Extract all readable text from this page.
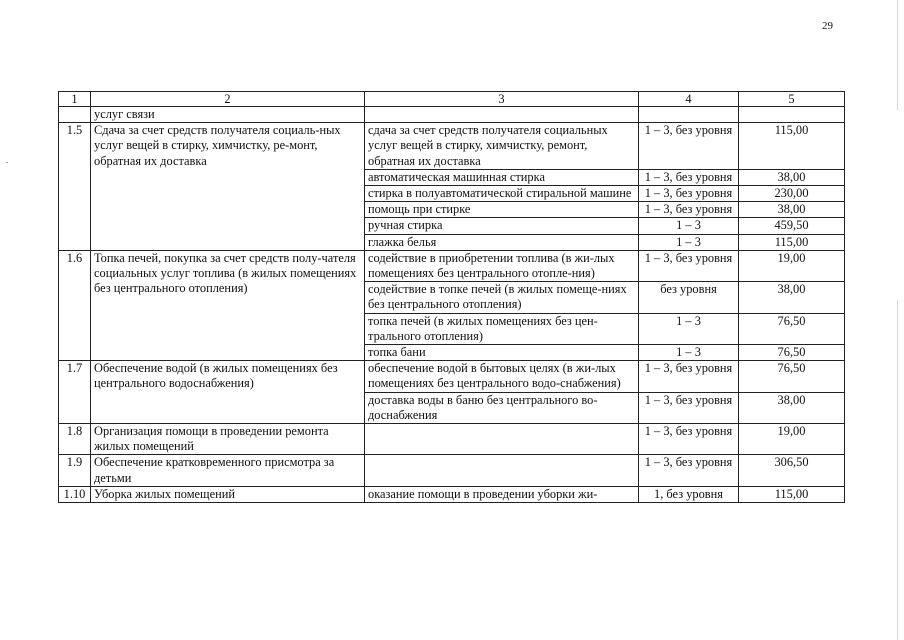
29
1	2	3	4	5
	услуг связи			
1.5	Сдача за счет средств получателя социаль-ных услуг вещей в стирку, химчистку, ре-монт, обратная их доставка	сдача за счет средств получателя социальных услуг вещей в стирку, химчистку, ремонт, обратная их доставка	1 – 3, без уровня	115,00
		автоматическая машинная стирка	1 – 3, без уровня	38,00
		стирка в полуавтоматической стиральной машине	1 – 3, без уровня	230,00
		помощь при стирке	1 – 3, без уровня	38,00
		ручная стирка	1 – 3	459,50
		глажка белья	1 – 3	115,00
1.6	Топка печей, покупка за счет средств полу-чателя социальных услуг топлива (в жилых помещениях без центрального отопления)	содействие в приобретении топлива (в жи-лых помещениях без центрального отопле-ния)	1 – 3, без уровня	19,00
		содействие в топке печей (в жилых помеще-ниях без центрального отопления)	без уровня	38,00
		топка печей (в жилых помещениях без цен-трального отопления)	1 – 3	76,50
		топка бани	1 – 3	76,50
1.7	Обеспечение водой (в жилых помещениях без центрального водоснабжения)	обеспечение водой в бытовых целях (в жи-лых помещениях без центрального водо-снабжения)	1 – 3, без уровня	76,50
		доставка воды в баню без центрального во-доснабжения	1 – 3, без уровня	38,00
1.8	Организация помощи в проведении ремонта жилых помещений		1 – 3, без уровня	19,00
1.9	Обеспечение кратковременного присмотра за детьми		1 – 3, без уровня	306,50
1.10	Уборка жилых помещений	оказание помощи в проведении уборки жи-	1, без уровня	115,00
